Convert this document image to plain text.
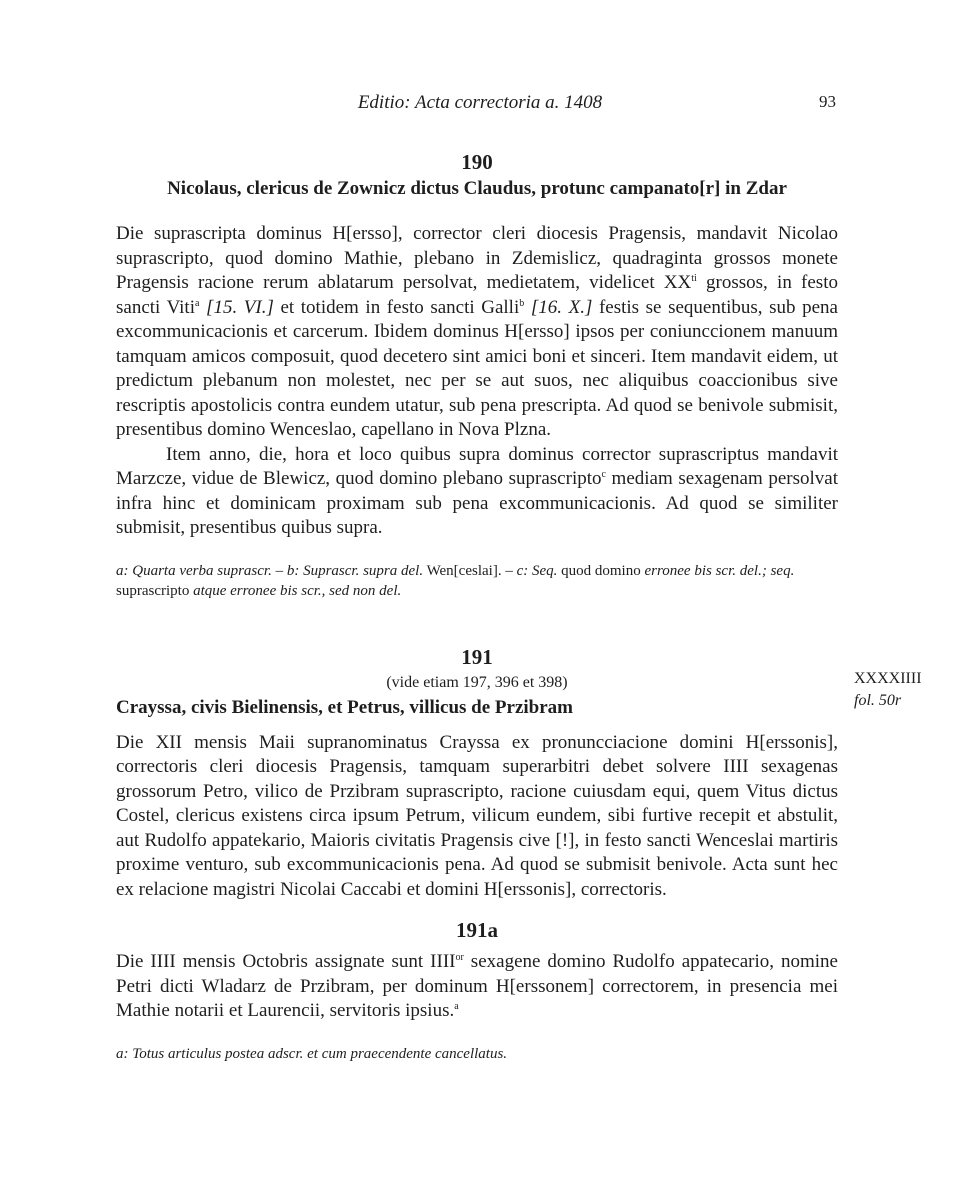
Editio: Acta correctoria a. 1408	93
190
Nicolaus, clericus de Zownicz dictus Claudus, protunc campanato[r] in Zdar

Die suprascripta dominus H[ersso], corrector cleri diocesis Pragensis, mandavit Nicolao suprascripto, quod domino Mathie, plebano in Zdemislicz, quadraginta grossos monete Pragensis racione rerum ablatarum persolvat, medietatem, videlicet $XX^{ti}$ grossos, in festo sancti Viti$^a$ [15. VI.] et totidem in festo sancti Galli$^b$ [16. X.] festis se sequentibus, sub pena excommunicacionis et carcerum. Ibidem dominus H[ersso] ipsos per coniunccionem manuum tamquam amicos composuit, quod decetero sint amici boni et sinceri. Item mandavit eidem, ut predictum plebanum non molestet, nec per se aut suos, nec aliquibus coaccionibus sive rescriptis apostolicis contra eundem utatur, sub pena prescripta. Ad quod se benivole submisit, presentibus domino Wenceslao, capellano in Nova Plzna.

Item anno, die, hora et loco quibus supra dominus corrector suprascriptus mandavit Marzcze, vidue de Blewicz, quod domino plebano suprascripto$^c$ mediam sexagenam persolvat infra hinc et dominicam proximam sub pena excommunicacionis. Ad quod se similiter submisit, presentibus quibus supra.

a: Quarta verba suprascr. – b: Suprascr. supra del. Wen[ceslai]. – c: Seq. quod domino erronee bis scr. del.; seq. suprascripto atque erronee bis scr., sed non del.

191
(vide etiam 197, 396 et 398)
Crayssa, civis Bielinensis, et Petrus, villicus de Przibram
XXXXIIII
fol. 50r

Die XII mensis Maii supranominatus Crayssa ex pronuncciacione domini H[erssonis], correctoris cleri diocesis Pragensis, tamquam superarbitri debet solvere IIII sexagenas grossorum Petro, vilico de Przibram suprascripto, racione cuiusdam equi, quem Vitus dictus Costel, clericus existens circa ipsum Petrum, vilicum eundem, sibi furtive recepit et abstulit, aut Rudolfo appatekario, Maioris civitatis Pragensis cive [!], in festo sancti Wenceslai martiris proxime venturo, sub excommunicacionis pena. Ad quod se submisit benivole. Acta sunt hec ex relacione magistri Nicolai Caccabi et domini H[erssonis], correctoris.

191a

Die IIII mensis Octobris assignate sunt $IIII^{or}$ sexagene domino Rudolfo appatecario, nomine Petri dicti Wladarz de Przibram, per dominum H[erssonem] correctorem, in presencia mei Mathie notarii et Laurencii, servitoris ipsius.$^a$

a: Totus articulus postea adscr. et cum praecendente cancellatus.
